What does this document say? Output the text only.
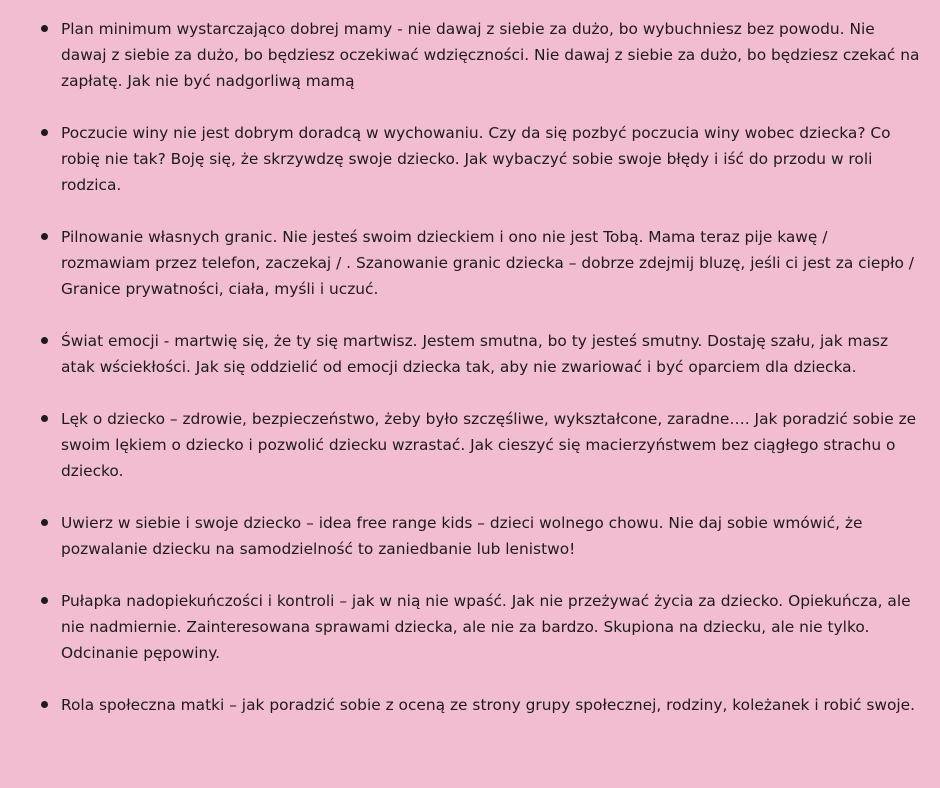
Plan minimum wystarczająco dobrej mamy - nie dawaj z siebie za dużo, bo wybuchniesz bez powodu. Nie dawaj z siebie za dużo, bo będziesz oczekiwać wdzięczności. Nie dawaj z siebie za dużo, bo będziesz czekać na zapłatę. Jak nie być nadgorliwą mamą
Poczucie winy nie jest dobrym doradcą w wychowaniu. Czy da się pozbyć poczucia winy wobec dziecka? Co robię nie tak? Boję się, że skrzywdzę swoje dziecko. Jak wybaczyć sobie swoje błędy i iść do przodu w roli rodzica.
Pilnowanie własnych granic. Nie jesteś swoim dzieckiem i ono nie jest Tobą. Mama teraz pije kawę / rozmawiam przez telefon, zaczekaj / . Szanowanie granic dziecka – dobrze zdejmij bluzę, jeśli ci jest za ciepło / Granice prywatności, ciała, myśli i uczuć.
Świat emocji - martwię się, że ty się martwisz. Jestem smutna, bo ty jesteś smutny. Dostaję szału, jak masz atak wściekłości. Jak się oddzielić od emocji dziecka tak, aby nie zwariować i być oparciem dla dziecka.
Lęk o dziecko – zdrowie, bezpieczeństwo, żeby było szczęśliwe, wykształcone, zaradne…. Jak poradzić sobie ze swoim lękiem o dziecko i pozwolić dziecku wzrastać. Jak cieszyć się macierzyństwem bez ciągłego strachu o dziecko.
Uwierz w siebie i swoje dziecko – idea free range kids – dzieci wolnego chowu. Nie daj sobie wmówić, że pozwalanie dziecku na samodzielność to zaniedbanie lub lenistwo!
Pułapka nadopiekuńczości i kontroli – jak w nią nie wpaść. Jak nie przeżywać życia za dziecko. Opiekuńcza, ale nie nadmiernie. Zainteresowana sprawami dziecka, ale nie za bardzo. Skupiona na dziecku, ale nie tylko. Odcinanie pępowiny.
Rola społeczna matki – jak poradzić sobie z oceną ze strony grupy społecznej, rodziny, koleżanek i robić swoje.
